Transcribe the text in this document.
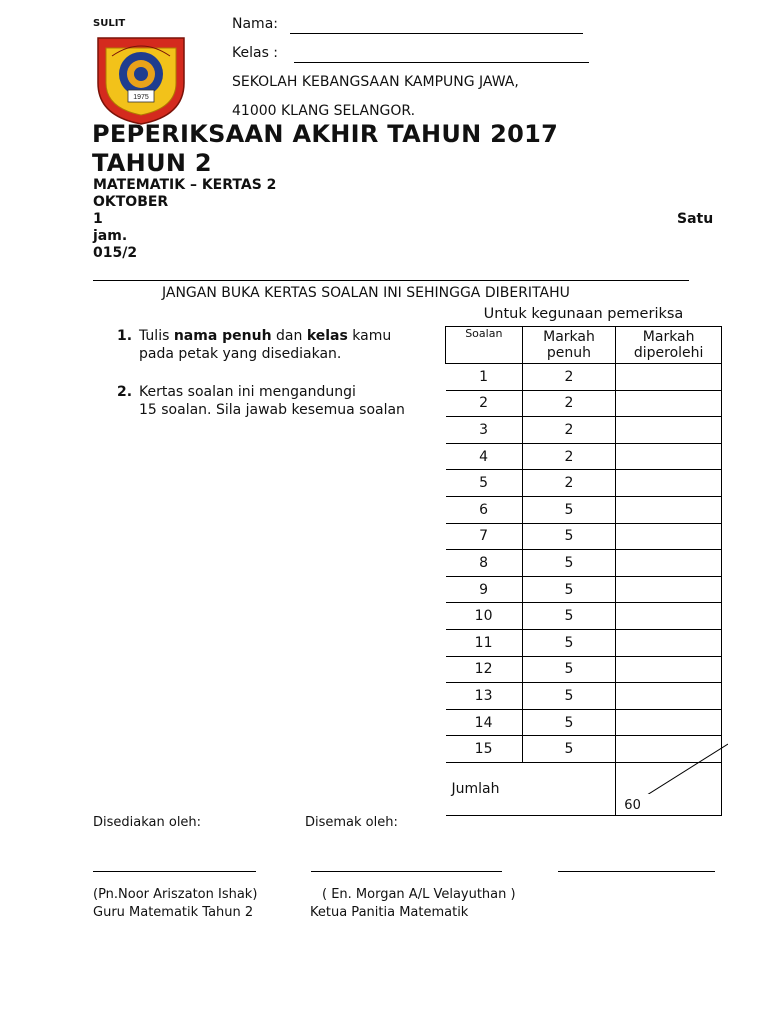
SULIT
1975
Nama:
Kelas :
SEKOLAH KEBANGSAAN KAMPUNG JAWA,
41000 KLANG SELANGOR.
PEPERIKSAAN AKHIR TAHUN 2017
TAHUN 2
MATEMATIK – KERTAS 2
OKTOBER
1	Satu
jam.
015/2
JANGAN BUKA KERTAS SOALAN INI SEHINGGA DIBERITAHU
1. Tulis nama penuh dan kelas kamu
pada petak yang disediakan.
2. Kertas soalan ini mengandungi
15 soalan. Sila jawab kesemua soalan
Untuk kegunaan pemeriksa		
Soalan	Markah penuh	Markah diperolehi
1	2	
2	2	
3	2	
4	2	
5	2	
6	5	
7	5	
8	5	
9	5	
10	5	
11	5	
12	5	
13	5	
14	5	
15	5	
Jumlah		60
Disediakan oleh:	Disemak oleh:
(Pn.Noor Ariszaton Ishak)	( En. Morgan A/L Velayuthan )
Guru Matematik Tahun 2	Ketua Panitia Matematik
